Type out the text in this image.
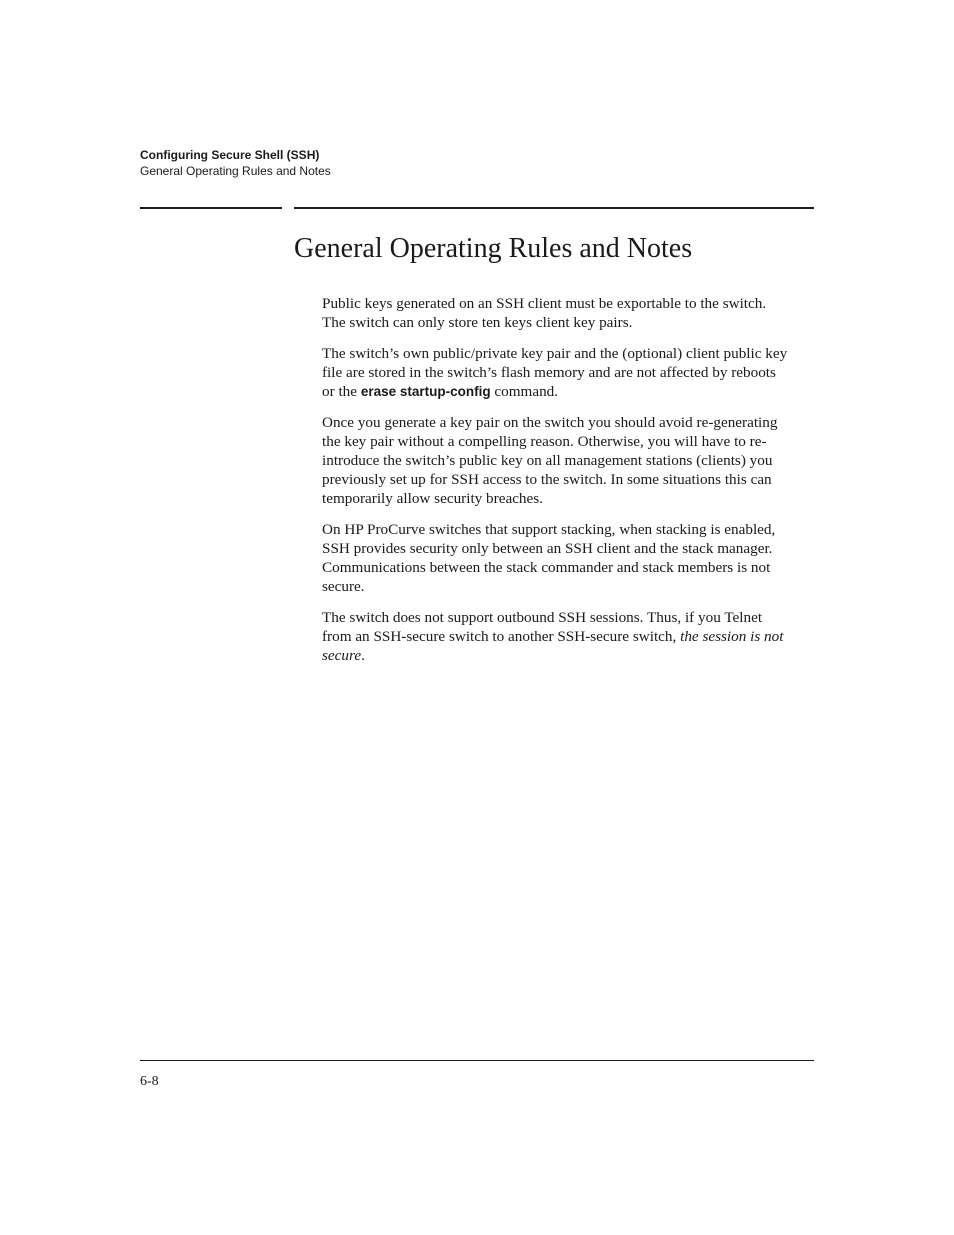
Configuring Secure Shell (SSH)
General Operating Rules and Notes
General Operating Rules and Notes

Public keys generated on an SSH client must be exportable to the switch. The switch can only store ten keys client key pairs.

The switch’s own public/private key pair and the (optional) client public key file are stored in the switch’s flash memory and are not affected by reboots or the erase startup-config command.

Once you generate a key pair on the switch you should avoid re-generating the key pair without a compelling reason. Otherwise, you will have to re-introduce the switch’s public key on all management stations (clients) you previously set up for SSH access to the switch. In some situations this can temporarily allow security breaches.

On HP ProCurve switches that support stacking, when stacking is enabled, SSH provides security only between an SSH client and the stack manager. Communications between the stack commander and stack members is not secure.

The switch does not support outbound SSH sessions. Thus, if you Telnet from an SSH-secure switch to another SSH-secure switch, the session is not secure.

6-8
